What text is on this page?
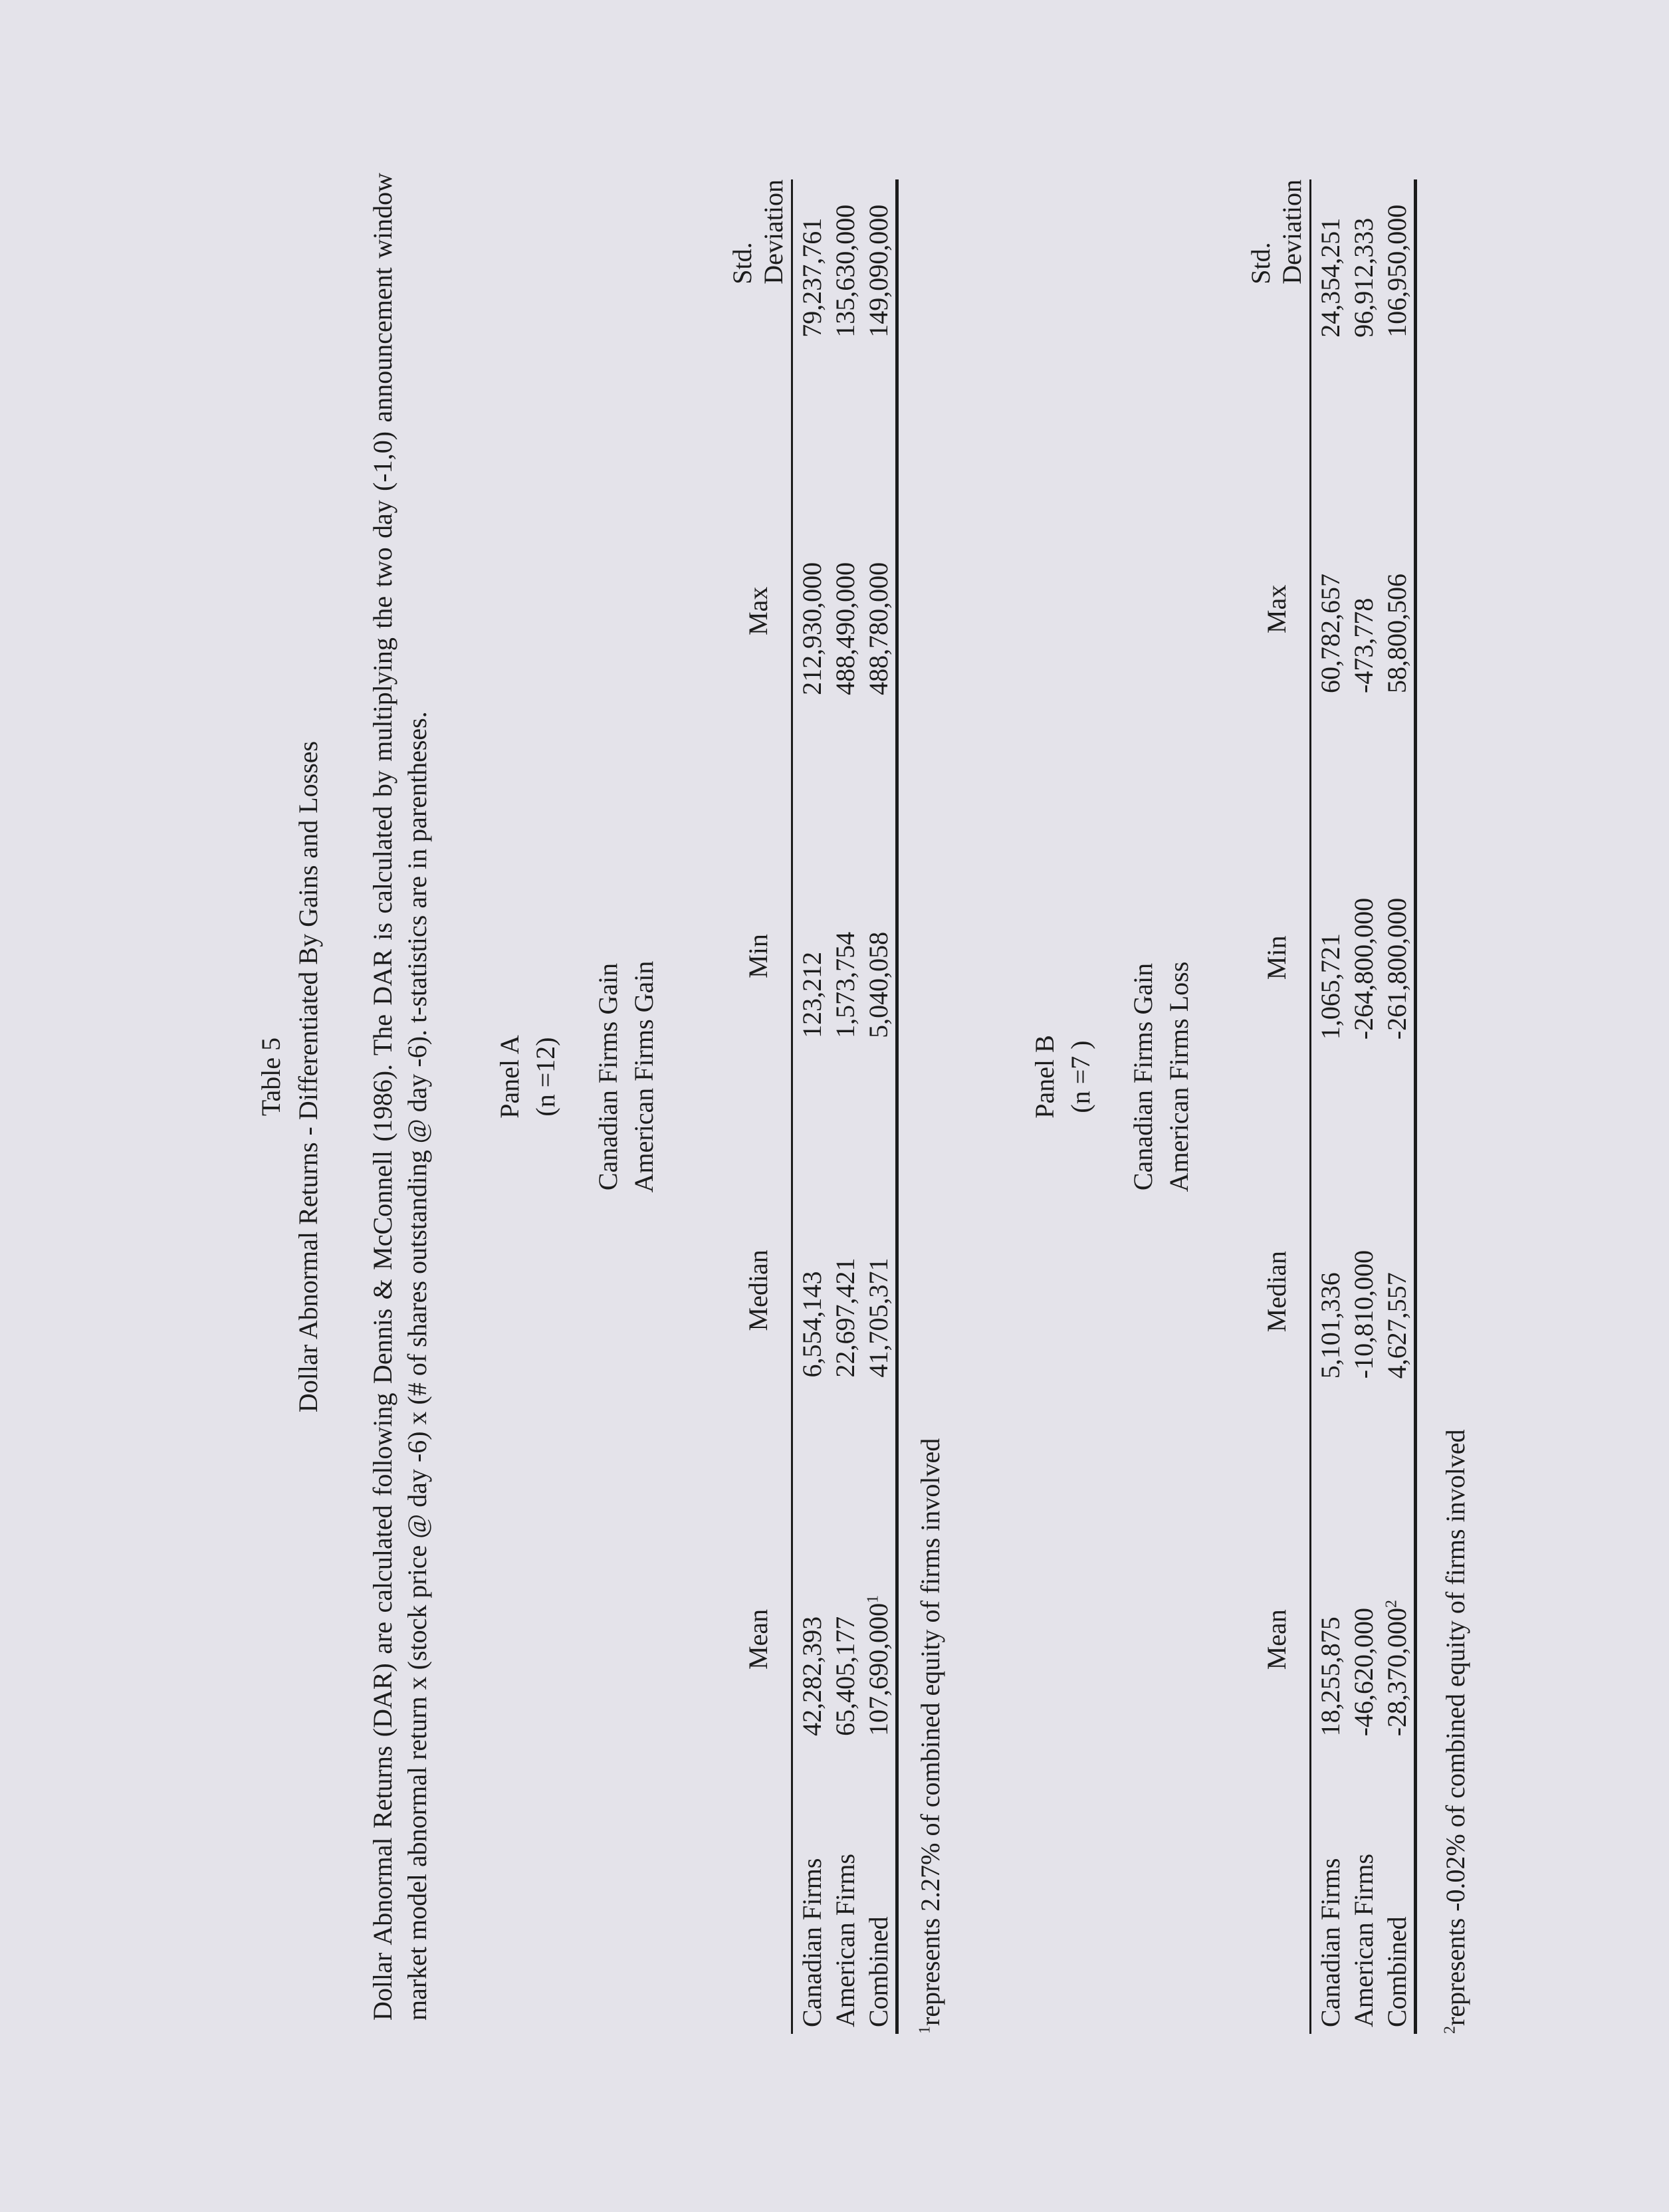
Table 5 Dollar Abnormal Returns - Differentiated By Gains and Losses Dollar Abnormal Returns (DAR) are calculated following Dennis & McConnell (1986). The DAR is calculated by multiplying the two day (-1,0) announcement window market model abnormal return x (stock price @ day -6) x (# of shares outstanding @ day -6). t-statistics are in parentheses. Panel A (n =12) Canadian Firms Gain American Firms Gain
	Mean	Median	Min	Max	Std. Deviation
Canadian Firms	42,282,393	6,554,143	123,212	212,930,000	79,237,761
American Firms	65,405,177	22,697,421	1,573,754	488,490,000	135,630,000
Combined	107,690,000$^1$	41,705,371	5,040,058	488,780,000	149,090,000
$^1$represents 2.27% of combined equity of firms involved
Panel B (n =7 ) Canadian Firms Gain American Firms Loss
	Mean	Median	Min	Max	Std. Deviation
Canadian Firms	18,255,875	5,101,336	1,065,721	60,782,657	24,354,251
American Firms	-46,620,000	-10,810,000	-264,800,000	-473,778	96,912,333
Combined	-28,370,000$^2$	4,627,557	-261,800,000	58,800,506	106,950,000
$^2$represents -0.02% of combined equity of firms involved
